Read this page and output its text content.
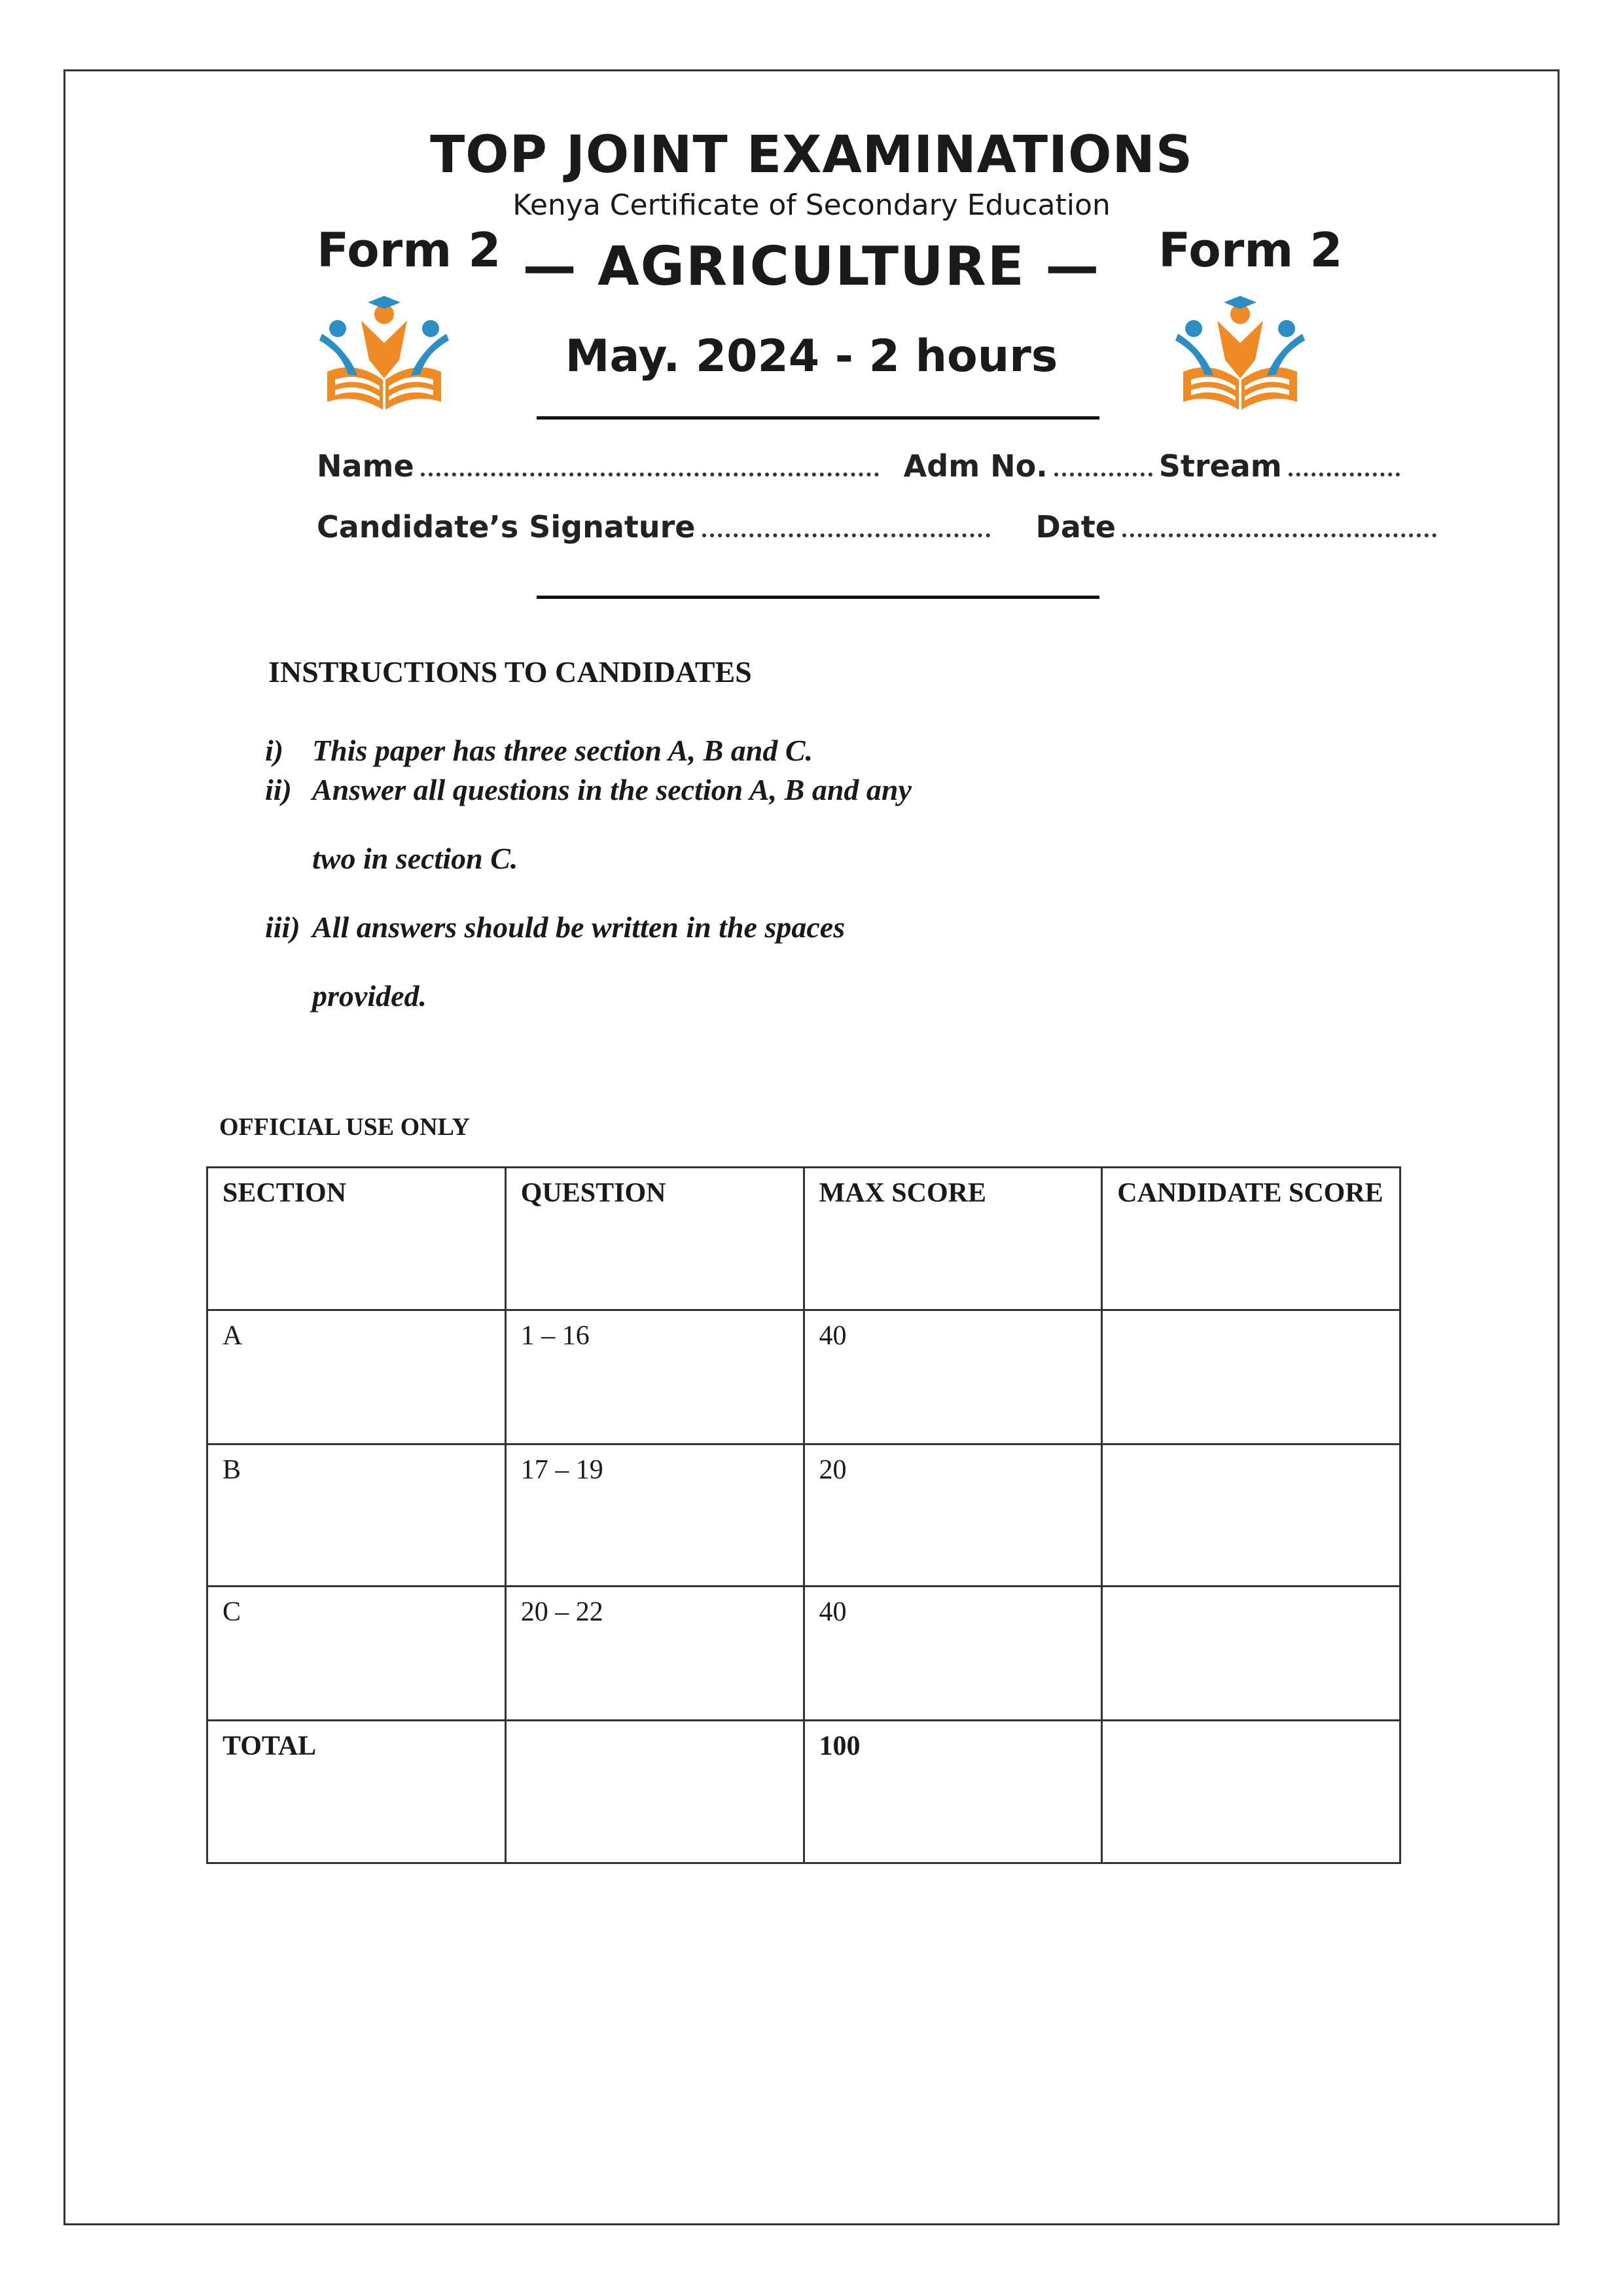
TOP JOINT EXAMINATIONS
Kenya Certificate of Secondary Education
Form 2	Form 2
— AGRICULTURE —
May. 2024 - 2 hours
Name	Adm No.	Stream
Candidate’s Signature	Date
INSTRUCTIONS TO CANDIDATES
i) This paper has three section A, B and C.
ii) Answer all questions in the section A, B and any
two in section C.
iii) All answers should be written in the spaces
provided.
OFFICIAL USE ONLY
SECTION	QUESTION	MAX SCORE	CANDIDATE SCORE
A	1 – 16	40	
B	17 – 19	20	
C	20 – 22	40	
TOTAL		100	
